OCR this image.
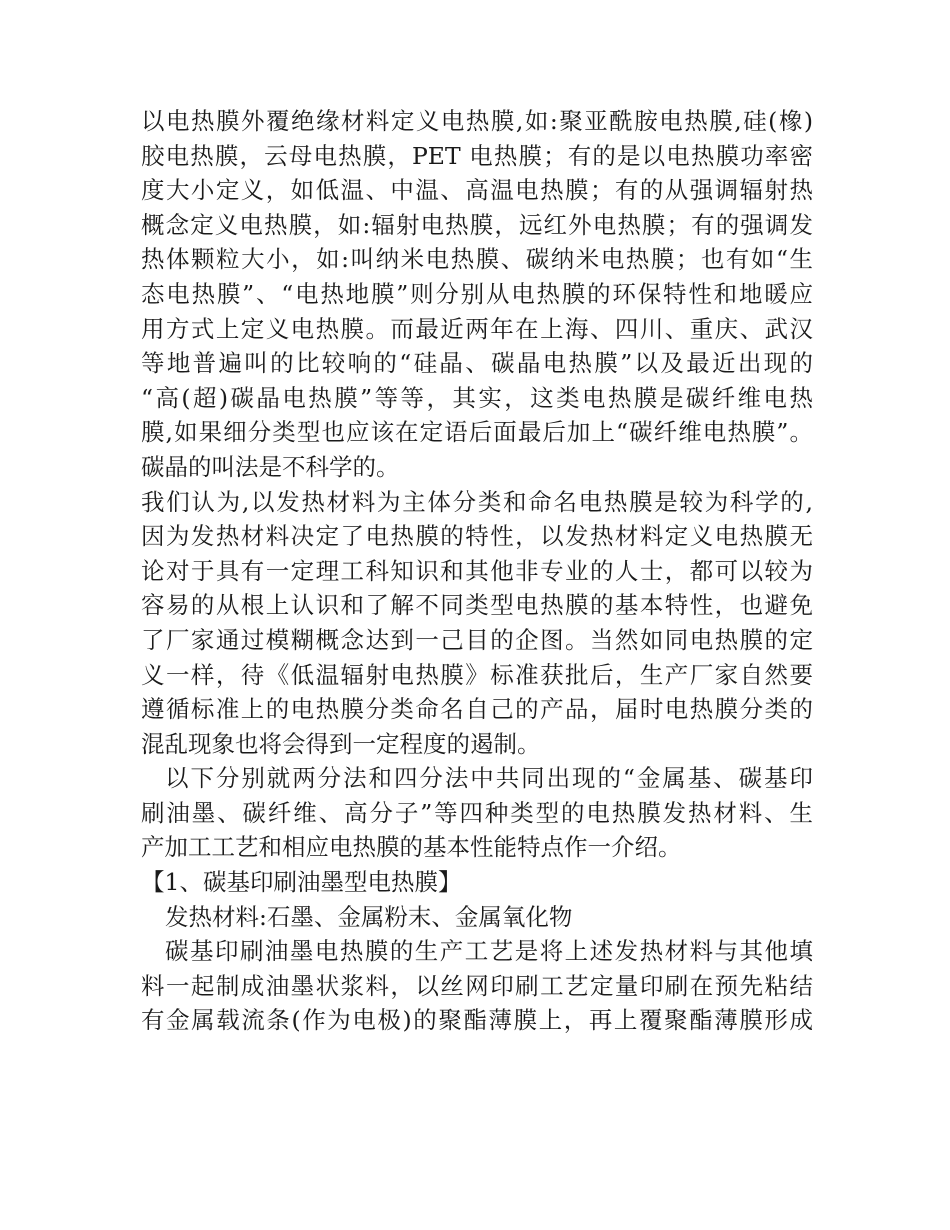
以电热膜外覆绝缘材料定义电热膜,如:聚亚酰胺电热膜,硅(橡)
胶电热膜，云母电热膜，PET 电热膜；有的是以电热膜功率密
度大小定义，如低温、中温、高温电热膜；有的从强调辐射热
概念定义电热膜，如:辐射电热膜，远红外电热膜；有的强调发
热体颗粒大小，如:叫纳米电热膜、碳纳米电热膜；也有如“生
态电热膜”、“电热地膜”则分别从电热膜的环保特性和地暖应
用方式上定义电热膜。而最近两年在上海、四川、重庆、武汉
等地普遍叫的比较响的“硅晶、碳晶电热膜”以及最近出现的
“高(超)碳晶电热膜”等等，其实，这类电热膜是碳纤维电热
膜,如果细分类型也应该在定语后面最后加上“碳纤维电热膜”。
碳晶的叫法是不科学的。
我们认为,以发热材料为主体分类和命名电热膜是较为科学的,
因为发热材料决定了电热膜的特性，以发热材料定义电热膜无
论对于具有一定理工科知识和其他非专业的人士，都可以较为
容易的从根上认识和了解不同类型电热膜的基本特性，也避免
了厂家通过模糊概念达到一己目的企图。当然如同电热膜的定
义一样，待《低温辐射电热膜》标准获批后，生产厂家自然要
遵循标准上的电热膜分类命名自己的产品，届时电热膜分类的
混乱现象也将会得到一定程度的遏制。
以下分别就两分法和四分法中共同出现的“金属基、碳基印
刷油墨、碳纤维、高分子”等四种类型的电热膜发热材料、生
产加工工艺和相应电热膜的基本性能特点作一介绍。
【1、碳基印刷油墨型电热膜】
发热材料:石墨、金属粉末、金属氧化物
碳基印刷油墨电热膜的生产工艺是将上述发热材料与其他填
料一起制成油墨状浆料，以丝网印刷工艺定量印刷在预先粘结
有金属载流条(作为电极)的聚酯薄膜上，再上覆聚酯薄膜形成
